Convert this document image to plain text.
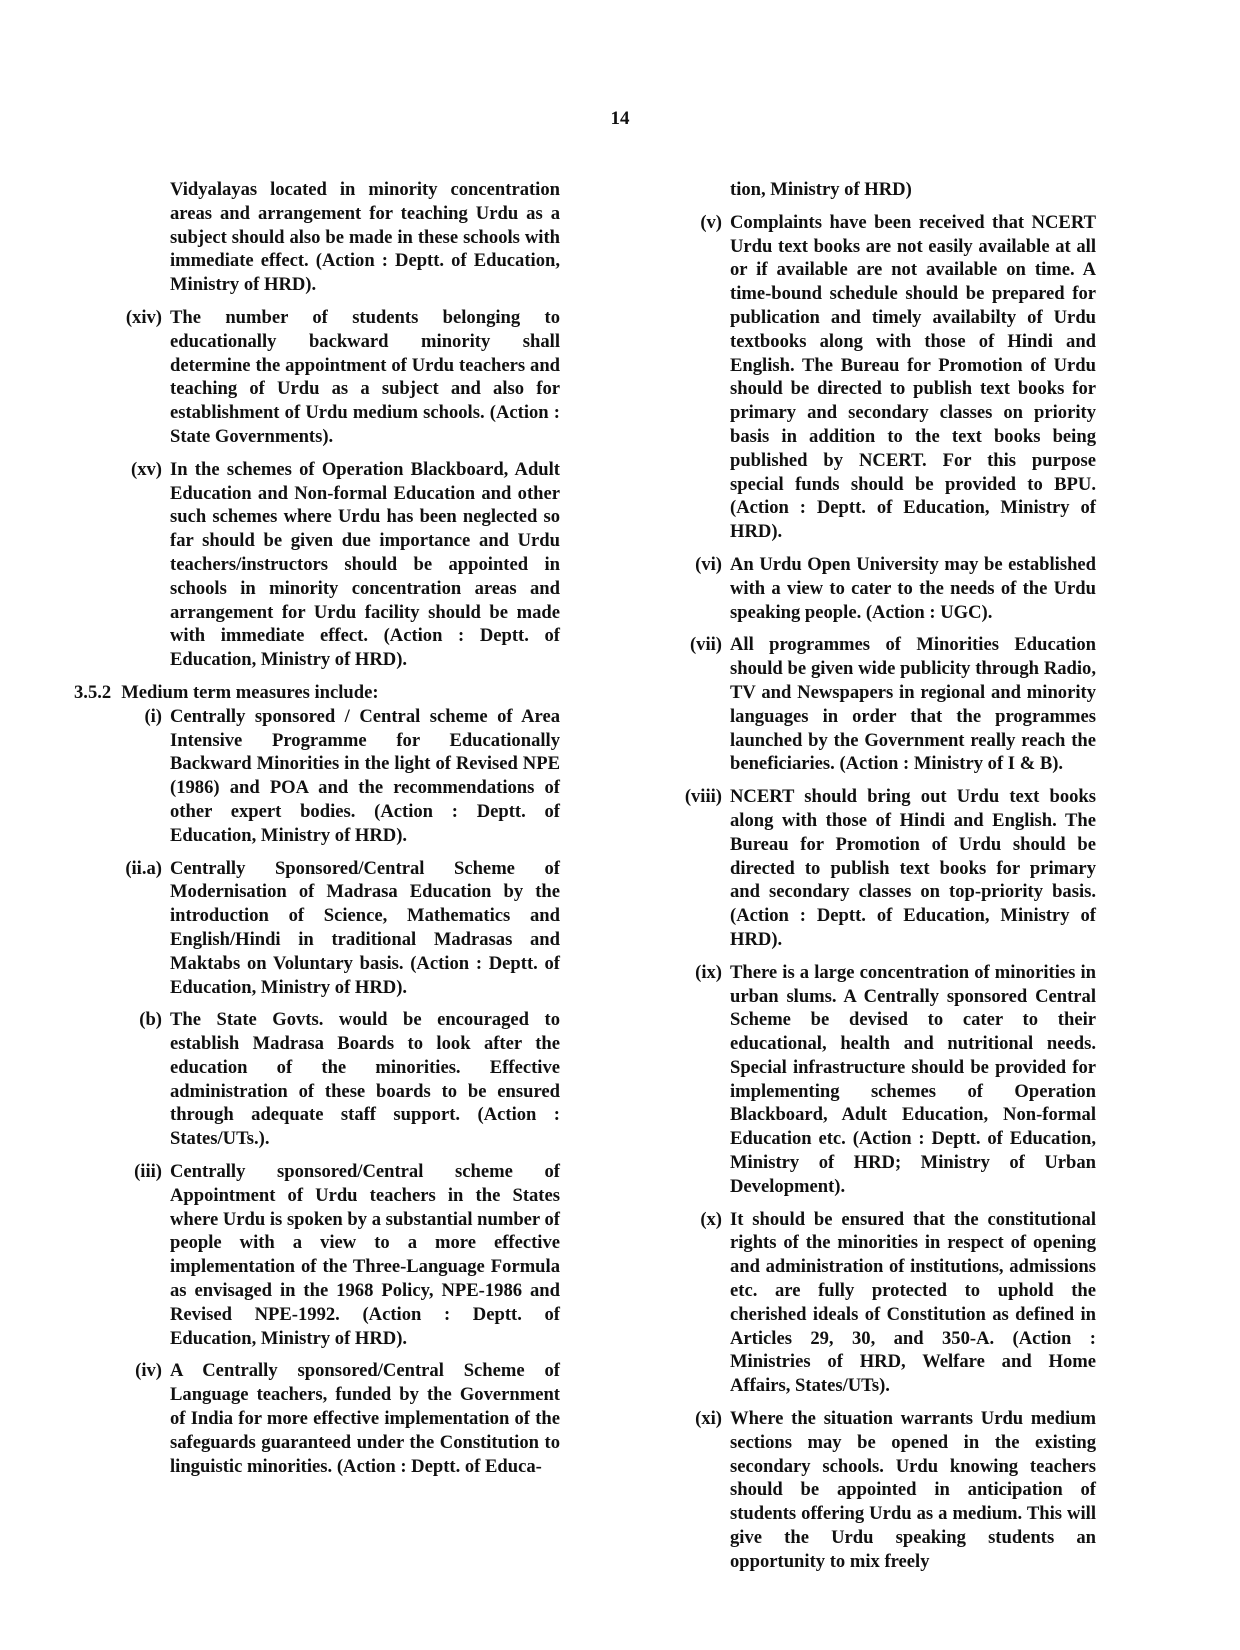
14
Vidyalayas located in minority concentration areas and arrangement for teaching Urdu as a subject should also be made in these schools with immediate effect. (Action : Deptt. of Education, Ministry of HRD).
(xiv) The number of students belonging to educationally backward minority shall determine the appointment of Urdu teachers and teaching of Urdu as a subject and also for establishment of Urdu medium schools. (Action : State Governments).
(xv) In the schemes of Operation Blackboard, Adult Education and Non-formal Education and other such schemes where Urdu has been neglected so far should be given due importance and Urdu teachers/instructors should be appointed in schools in minority concentration areas and arrangement for Urdu facility should be made with immediate effect. (Action : Deptt. of Education, Ministry of HRD).
3.5.2 Medium term measures include:
(i) Centrally sponsored / Central scheme of Area Intensive Programme for Educationally Backward Minorities in the light of Revised NPE (1986) and POA and the recommendations of other expert bodies. (Action : Deptt. of Education, Ministry of HRD).
(ii.a) Centrally Sponsored/Central Scheme of Modernisation of Madrasa Education by the introduction of Science, Mathematics and English/Hindi in traditional Madrasas and Maktabs on Voluntary basis. (Action : Deptt. of Education, Ministry of HRD).
(b) The State Govts. would be encouraged to establish Madrasa Boards to look after the education of the minorities. Effective administration of these boards to be ensured through adequate staff support. (Action : States/UTs.).
(iii) Centrally sponsored/Central scheme of Appointment of Urdu teachers in the States where Urdu is spoken by a substantial number of people with a view to a more effective implementation of the Three-Language Formula as envisaged in the 1968 Policy, NPE-1986 and Revised NPE-1992. (Action : Deptt. of Education, Ministry of HRD).
(iv) A Centrally sponsored/Central Scheme of Language teachers, funded by the Government of India for more effective implementation of the safeguards guaranteed under the Constitution to linguistic minorities. (Action : Deptt. of Educa-
tion, Ministry of HRD)
(v) Complaints have been received that NCERT Urdu text books are not easily available at all or if available are not available on time. A time-bound schedule should be prepared for publication and timely availabilty of Urdu textbooks along with those of Hindi and English. The Bureau for Promotion of Urdu should be directed to publish text books for primary and secondary classes on priority basis in addition to the text books being published by NCERT. For this purpose special funds should be provided to BPU. (Action : Deptt. of Education, Ministry of HRD).
(vi) An Urdu Open University may be established with a view to cater to the needs of the Urdu speaking people. (Action : UGC).
(vii) All programmes of Minorities Education should be given wide publicity through Radio, TV and Newspapers in regional and minority languages in order that the programmes launched by the Government really reach the beneficiaries. (Action : Ministry of I & B).
(viii) NCERT should bring out Urdu text books along with those of Hindi and English. The Bureau for Promotion of Urdu should be directed to publish text books for primary and secondary classes on top-priority basis. (Action : Deptt. of Education, Ministry of HRD).
(ix) There is a large concentration of minorities in urban slums. A Centrally sponsored Central Scheme be devised to cater to their educational, health and nutritional needs. Special infrastructure should be provided for implementing schemes of Operation Blackboard, Adult Education, Non-formal Education etc. (Action : Deptt. of Education, Ministry of HRD; Ministry of Urban Development).
(x) It should be ensured that the constitutional rights of the minorities in respect of opening and administration of institutions, admissions etc. are fully protected to uphold the cherished ideals of Constitution as defined in Articles 29, 30, and 350-A. (Action : Ministries of HRD, Welfare and Home Affairs, States/UTs).
(xi) Where the situation warrants Urdu medium sections may be opened in the existing secondary schools. Urdu knowing teachers should be appointed in anticipation of students offering Urdu as a medium. This will give the Urdu speaking students an opportunity to mix freely
